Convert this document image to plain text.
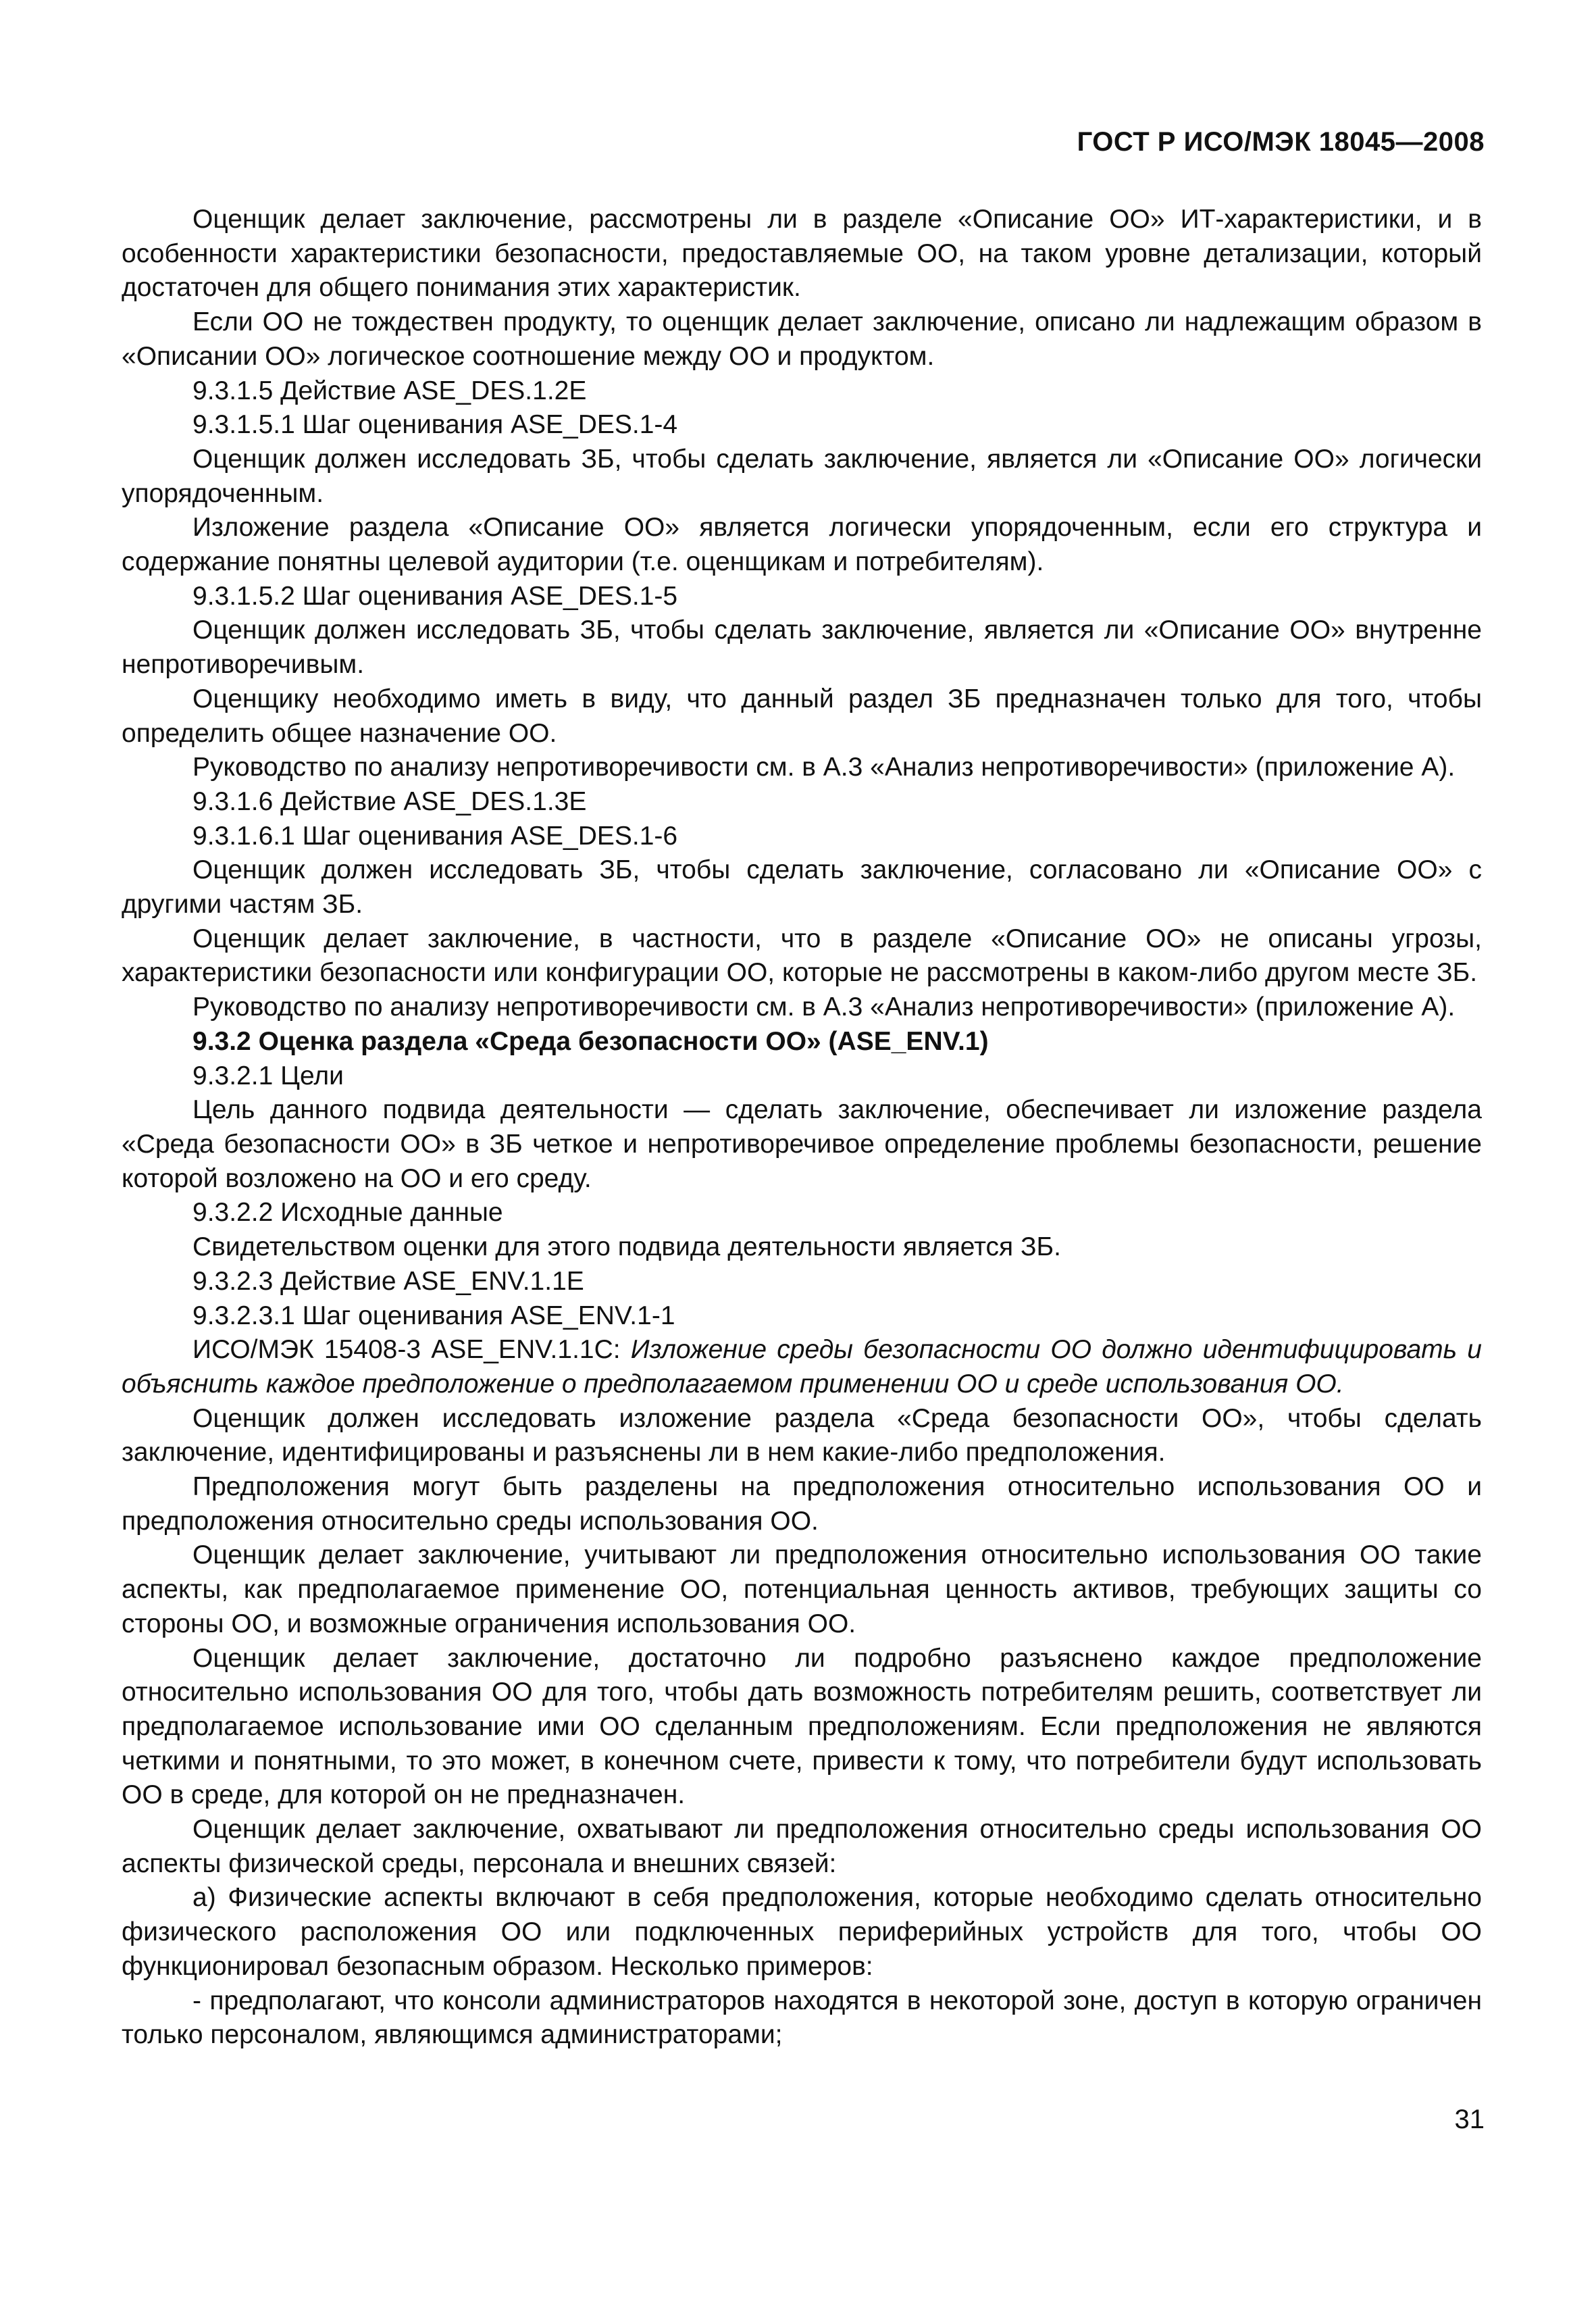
ГОСТ Р ИСО/МЭК 18045—2008

Оценщик делает заключение, рассмотрены ли в разделе «Описание ОО» ИТ-характеристики, и в особенности характеристики безопасности, предоставляемые ОО, на таком уровне детализации, который достаточен для общего понимания этих характеристик.

Если ОО не тождествен продукту, то оценщик делает заключение, описано ли надлежащим образом в «Описании ОО» логическое соотношение между ОО и продуктом.

9.3.1.5 Действие ASE_DES.1.2E

9.3.1.5.1 Шаг оценивания ASE_DES.1-4

Оценщик должен исследовать ЗБ, чтобы сделать заключение, является ли «Описание ОО» логически упорядоченным.

Изложение раздела «Описание ОО» является логически упорядоченным, если его структура и содержание понятны целевой аудитории (т.е. оценщикам и потребителям).

9.3.1.5.2 Шаг оценивания ASE_DES.1-5

Оценщик должен исследовать ЗБ, чтобы сделать заключение, является ли «Описание ОО» внутренне непротиворечивым.

Оценщику необходимо иметь в виду, что данный раздел ЗБ предназначен только для того, чтобы определить общее назначение ОО.

Руководство по анализу непротиворечивости см. в А.3 «Анализ непротиворечивости» (приложение А).

9.3.1.6 Действие ASE_DES.1.3E

9.3.1.6.1 Шаг оценивания ASE_DES.1-6

Оценщик должен исследовать ЗБ, чтобы сделать заключение, согласовано ли «Описание ОО» с другими частям ЗБ.

Оценщик делает заключение, в частности, что в разделе «Описание ОО» не описаны угрозы, характеристики безопасности или конфигурации ОО, которые не рассмотрены в каком-либо другом месте ЗБ.

Руководство по анализу непротиворечивости см. в А.3 «Анализ непротиворечивости» (приложение А).

9.3.2 Оценка раздела «Среда безопасности ОО» (ASE_ENV.1)

9.3.2.1 Цели

Цель данного подвида деятельности — сделать заключение, обеспечивает ли изложение раздела «Среда безопасности ОО» в ЗБ четкое и непротиворечивое определение проблемы безопасности, решение которой возложено на ОО и его среду.

9.3.2.2 Исходные данные

Свидетельством оценки для этого подвида деятельности является ЗБ.

9.3.2.3 Действие ASE_ENV.1.1E

9.3.2.3.1 Шаг оценивания ASE_ENV.1-1

ИСО/МЭК 15408-3 ASE_ENV.1.1C: Изложение среды безопасности ОО должно идентифицировать и объяснить каждое предположение о предполагаемом применении ОО и среде использования ОО.

Оценщик должен исследовать изложение раздела «Среда безопасности ОО», чтобы сделать заключение, идентифицированы и разъяснены ли в нем какие-либо предположения.

Предположения могут быть разделены на предположения относительно использования ОО и предположения относительно среды использования ОО.

Оценщик делает заключение, учитывают ли предположения относительно использования ОО такие аспекты, как предполагаемое применение ОО, потенциальная ценность активов, требующих защиты со стороны ОО, и возможные ограничения использования ОО.

Оценщик делает заключение, достаточно ли подробно разъяснено каждое предположение относительно использования ОО для того, чтобы дать возможность потребителям решить, соответствует ли предполагаемое использование ими ОО сделанным предположениям. Если предположения не являются четкими и понятными, то это может, в конечном счете, привести к тому, что потребители будут использовать ОО в среде, для которой он не предназначен.

Оценщик делает заключение, охватывают ли предположения относительно среды использования ОО аспекты физической среды, персонала и внешних связей:

а) Физические аспекты включают в себя предположения, которые необходимо сделать относительно физического расположения ОО или подключенных периферийных устройств для того, чтобы ОО функционировал безопасным образом. Несколько примеров:

- предполагают, что консоли администраторов находятся в некоторой зоне, доступ в которую ограничен только персоналом, являющимся администраторами;

31
